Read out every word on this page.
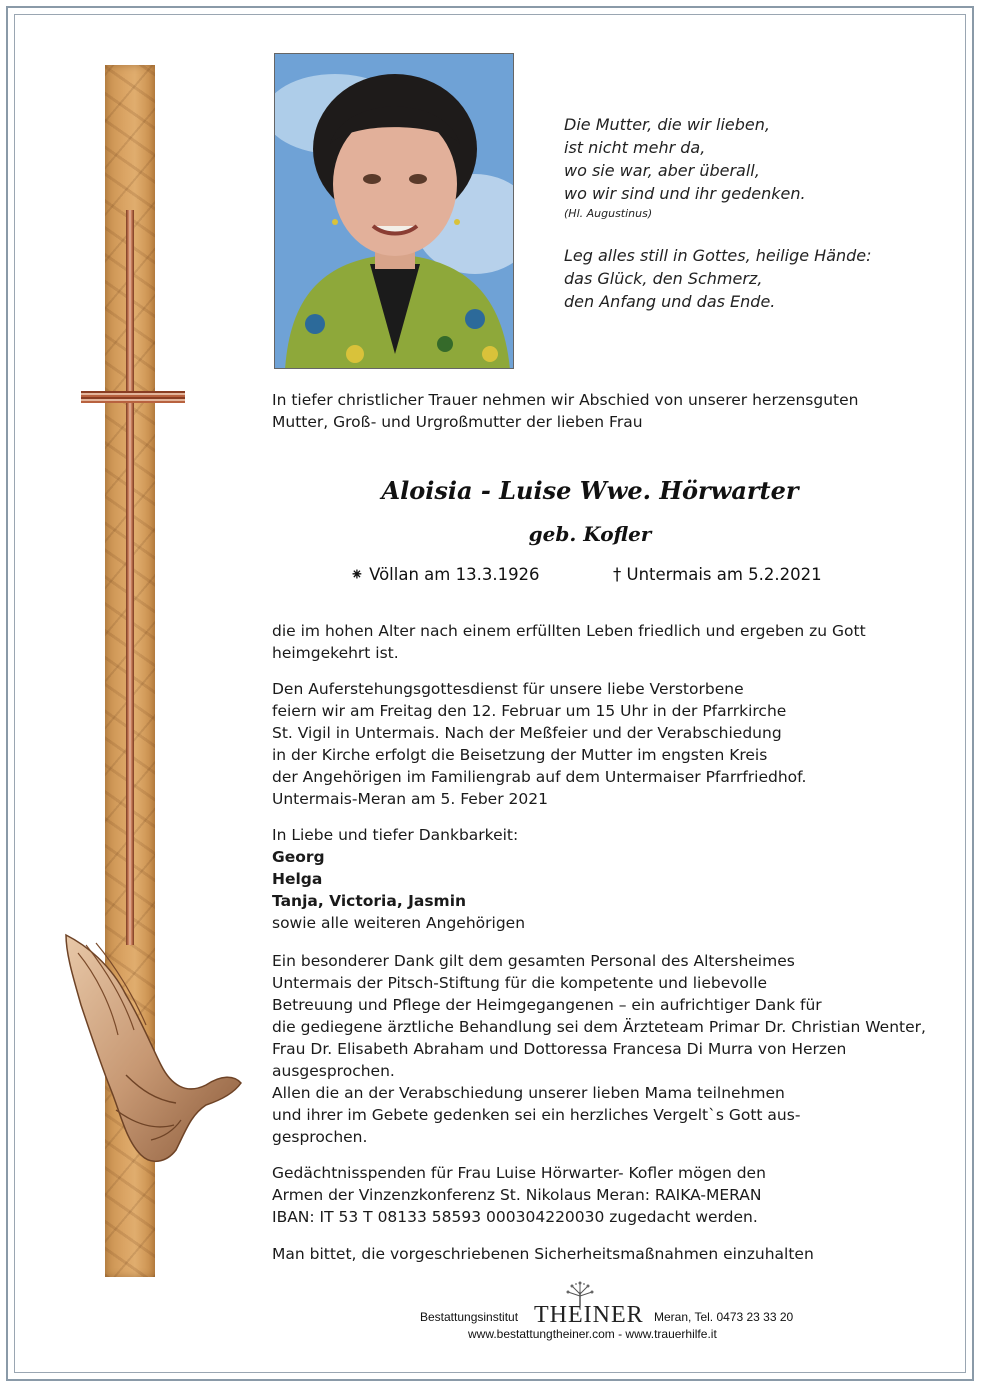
Die Mutter, die wir lieben,
ist nicht mehr da,
wo sie war, aber überall,
wo wir sind und ihr gedenken.
(Hl. Augustinus)
Leg alles still in Gottes, heilige Hände:
das Glück, den Schmerz,
den Anfang und das Ende.
In tiefer christlicher Trauer nehmen wir Abschied von unserer herzensguten
Mutter, Groß- und Urgroßmutter der lieben Frau
Aloisia - Luise Wwe. Hörwarter
geb. Kofler
⁕ Völlan am 13.3.1926	† Untermais am 5.2.2021
die im hohen Alter nach einem erfüllten Leben friedlich und ergeben zu Gott
heimgekehrt ist.
Den Auferstehungsgottesdienst für unsere liebe Verstorbene
feiern wir am Freitag den 12. Februar um 15 Uhr in der Pfarrkirche
St. Vigil in Untermais. Nach der Meßfeier und der Verabschiedung
in der Kirche erfolgt die Beisetzung der Mutter im engsten Kreis
der Angehörigen im Familiengrab auf dem Untermaiser Pfarrfriedhof.
Untermais-Meran am 5. Feber 2021
In Liebe und tiefer Dankbarkeit:
Georg
Helga
Tanja, Victoria, Jasmin
sowie alle weiteren Angehörigen
Ein besonderer Dank gilt dem gesamten Personal des Altersheimes
Untermais der Pitsch-Stiftung für die kompetente und liebevolle
Betreuung und Pflege der Heimgegangenen – ein aufrichtiger Dank für
die gediegene ärztliche Behandlung sei dem Ärzteteam Primar Dr. Christian Wenter,
Frau Dr. Elisabeth Abraham und Dottoressa Francesa Di Murra von Herzen
ausgesprochen.
Allen die an der Verabschiedung unserer lieben Mama teilnehmen
und ihrer im Gebete gedenken sei ein herzliches Vergelt`s Gott aus-
gesprochen.
Gedächtnisspenden für Frau Luise Hörwarter- Kofler mögen den
Armen der Vinzenzkonferenz St. Nikolaus Meran: RAIKA-MERAN
IBAN: IT 53 T 08133 58593 000304220030 zugedacht werden.
Man bittet, die vorgeschriebenen Sicherheitsmaßnahmen einzuhalten
Bestattungsinstitut THEINER Meran, Tel. 0473 23 33 20
www.bestattungtheiner.com - www.trauerhilfe.it
